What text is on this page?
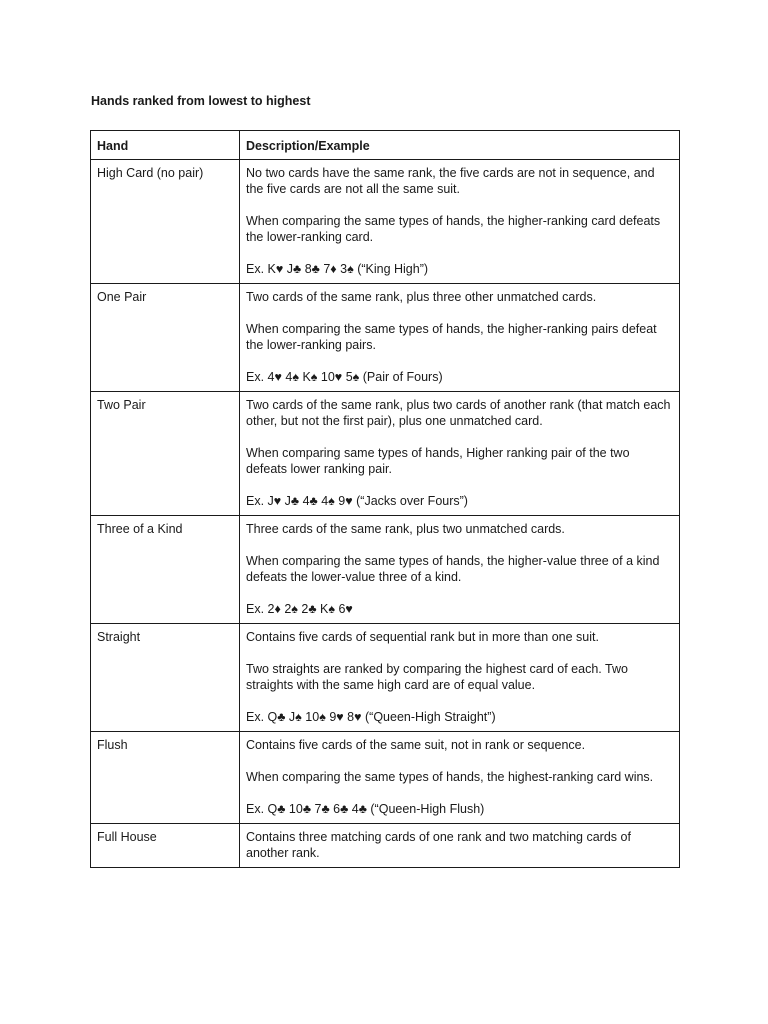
Hands ranked from lowest to highest
Hand	Description/Example
High Card (no pair)	No two cards have the same rank, the five cards are not in sequence, and the five cards are not all the same suit.

When comparing the same types of hands, the higher-ranking card defeats the lower-ranking card.

Ex. K♥ J♣ 8♣ 7♦ 3♠ (“King High”)

One Pair	Two cards of the same rank, plus three other unmatched cards.

When comparing the same types of hands, the higher-ranking pairs defeat the lower-ranking pairs.

Ex. 4♥ 4♠ K♠ 10♥ 5♠ (Pair of Fours)

Two Pair	Two cards of the same rank, plus two cards of another rank (that match each other, but not the first pair), plus one unmatched card.

When comparing same types of hands, Higher ranking pair of the two defeats lower ranking pair.

Ex. J♥ J♣ 4♣ 4♠ 9♥ (“Jacks over Fours”)

Three of a Kind	Three cards of the same rank, plus two unmatched cards.

When comparing the same types of hands, the higher-value three of a kind defeats the lower-value three of a kind.

Ex. 2♦ 2♠ 2♣ K♠ 6♥

Straight	Contains five cards of sequential rank but in more than one suit.

Two straights are ranked by comparing the highest card of each. Two straights with the same high card are of equal value.

Ex. Q♣ J♠ 10♠ 9♥ 8♥ (“Queen-High Straight”)

Flush	Contains five cards of the same suit, not in rank or sequence.

When comparing the same types of hands, the highest-ranking card wins.

Ex. Q♣ 10♣ 7♣ 6♣ 4♣ (“Queen-High Flush)

Full House	Contains three matching cards of one rank and two matching cards of another rank.
